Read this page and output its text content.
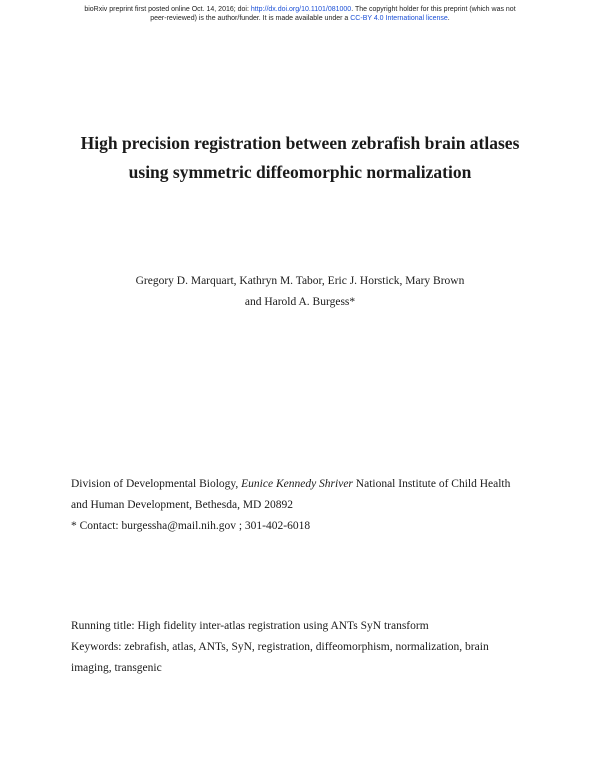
bioRxiv preprint first posted online Oct. 14, 2016; doi: http://dx.doi.org/10.1101/081000. The copyright holder for this preprint (which was not
peer-reviewed) is the author/funder. It is made available under a CC-BY 4.0 International license.
High precision registration between zebrafish brain atlases
using symmetric diffeomorphic normalization
Gregory D. Marquart, Kathryn M. Tabor, Eric J. Horstick, Mary Brown
and Harold A. Burgess*
Division of Developmental Biology, Eunice Kennedy Shriver National Institute of Child Health
and Human Development, Bethesda, MD 20892
* Contact: burgessha@mail.nih.gov ; 301-402-6018
Running title: High fidelity inter-atlas registration using ANTs SyN transform
Keywords: zebrafish, atlas, ANTs, SyN, registration, diffeomorphism, normalization, brain
imaging, transgenic
